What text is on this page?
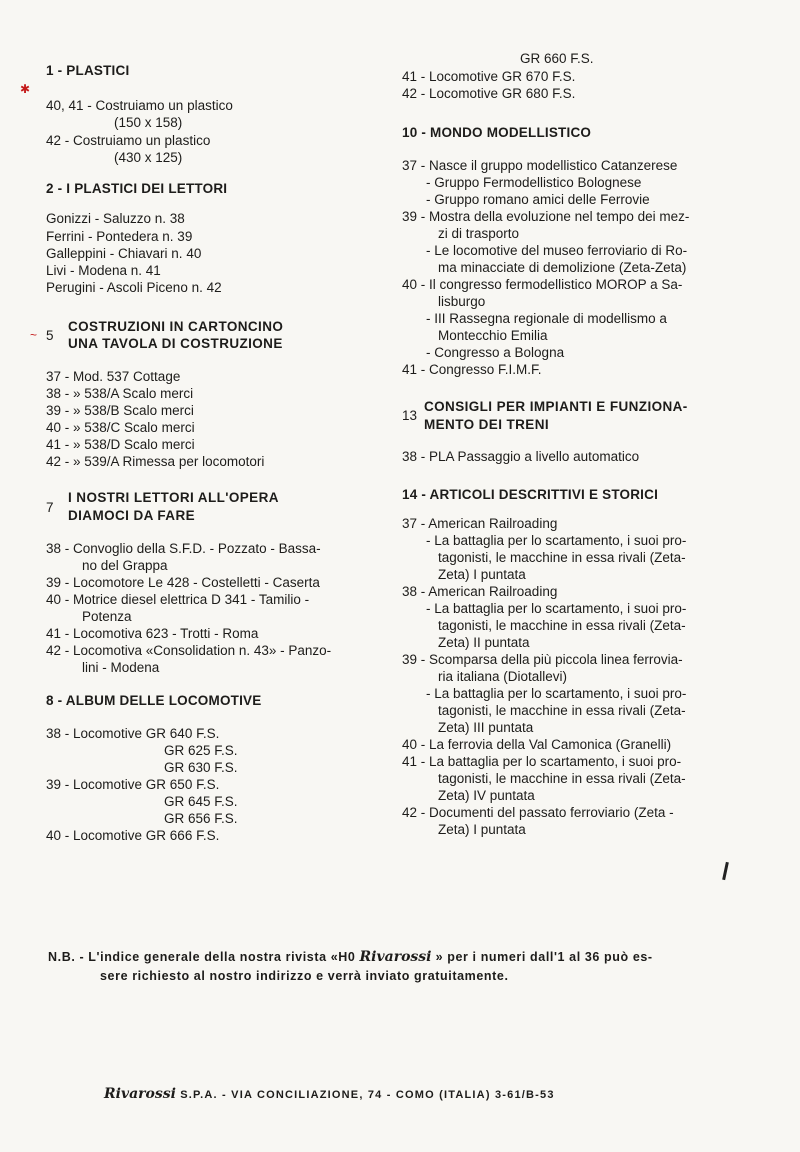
✱
~
1 - PLASTICI
40, 41 - Costruiamo un plastico
(150 x 158)
42 - Costruiamo un plastico
(430 x 125)
2 - I PLASTICI DEI LETTORI
Gonizzi - Saluzzo n. 38
Ferrini - Pontedera n. 39
Galleppini - Chiavari n. 40
Livi - Modena n. 41
Perugini - Ascoli Piceno n. 42
COSTRUZIONI IN CARTONCINO
5
UNA TAVOLA DI COSTRUZIONE
37 - Mod. 537 Cottage
38 - » 538/A Scalo merci
39 - » 538/B Scalo merci
40 - » 538/C Scalo merci
41 - » 538/D Scalo merci
42 - » 539/A Rimessa per locomotori
I NOSTRI LETTORI ALL'OPERA
7
DIAMOCI DA FARE
38 - Convoglio della S.F.D. - Pozzato - Bassa-
no del Grappa
39 - Locomotore Le 428 - Costelletti - Caserta
40 - Motrice diesel elettrica D 341 - Tamilio -
Potenza
41 - Locomotiva 623 - Trotti - Roma
42 - Locomotiva «Consolidation n. 43» - Panzo-
lini - Modena
8 - ALBUM DELLE LOCOMOTIVE
38 - Locomotive GR 640 F.S.
GR 625 F.S.
GR 630 F.S.
39 - Locomotive GR 650 F.S.
GR 645 F.S.
GR 656 F.S.
40 - Locomotive GR 666 F.S.
GR 660 F.S.
41 - Locomotive GR 670 F.S.
42 - Locomotive GR 680 F.S.
10 - MONDO MODELLISTICO
37 - Nasce il gruppo modellistico Catanzerese
- Gruppo Fermodellistico Bolognese
- Gruppo romano amici delle Ferrovie
39 - Mostra della evoluzione nel tempo dei mez-
zi di trasporto
- Le locomotive del museo ferroviario di Ro-
ma minacciate di demolizione (Zeta-Zeta)
40 - Il congresso fermodellistico MOROP a Sa-
lisburgo
- III Rassegna regionale di modellismo a
Montecchio Emilia
- Congresso a Bologna
41 - Congresso F.I.M.F.
CONSIGLI PER IMPIANTI E FUNZIONA-
13
MENTO DEI TRENI
38 - PLA Passaggio a livello automatico
14 - ARTICOLI DESCRITTIVI E STORICI
37 - American Railroading
- La battaglia per lo scartamento, i suoi pro-
tagonisti, le macchine in essa rivali (Zeta-
Zeta) I puntata
38 - American Railroading
- La battaglia per lo scartamento, i suoi pro-
tagonisti, le macchine in essa rivali (Zeta-
Zeta) II puntata
39 - Scomparsa della più piccola linea ferrovia-
ria italiana (Diotallevi)
- La battaglia per lo scartamento, i suoi pro-
tagonisti, le macchine in essa rivali (Zeta-
Zeta) III puntata
40 - La ferrovia della Val Camonica (Granelli)
41 - La battaglia per lo scartamento, i suoi pro-
tagonisti, le macchine in essa rivali (Zeta-
Zeta) IV puntata
42 - Documenti del passato ferroviario (Zeta -
Zeta) I puntata
N.B. - L'indice generale della nostra rivista «H0 Rivarossi » per i numeri dall'1 al 36 può es-
sere richiesto al nostro indirizzo e verrà inviato gratuitamente.
Rivarossi S.P.A. - VIA CONCILIAZIONE, 74 - COMO (ITALIA) 3-61/B-53
